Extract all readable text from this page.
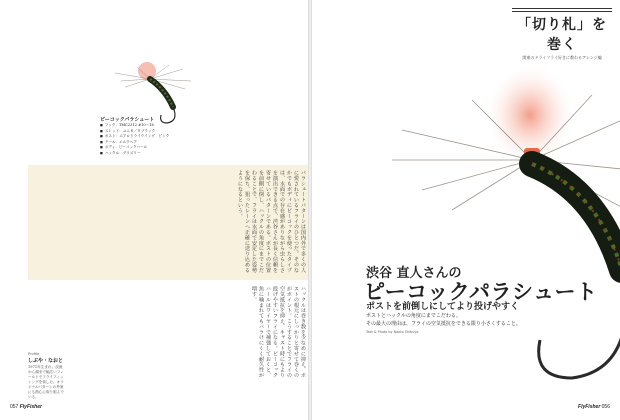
ピーコックパラシュート
■ フック：TMC2312 #10～16
■ スレッド：ユニ８／０ブラック
■ ポスト：エアロドライウイング　ピンク
■ テール：エルクヘア
■ ボディ：ピーコックハール
■ ハックル：グリズリー
パラシュートパターンは国内外で多くの人に愛されているフライのひとつだ。そのなかでもボディにピーコックを使ったタイプは、水面での存在感がありながら虫らしさを演出できる点で、渋谷さんが長く信頼を寄せているパターンである。ポストの位置を前側に倒し、ハックルの角度にまでこだわることで、フライは水面で安定した姿勢を保ち、狙ったレーンへ正確に送り込めるようになるという。
ハックルは巻き数を少なめに抑え、ポストの根元にしっかりと寄せて巻くのがポイント。こうすることでフライの空気抵抗を抑え、キャスト時にもより投げやすいフライになる。ピーコックハールはワイヤーで補強しておくと、魚に噛まれてもバラけにくく耐久性が増す。
Profile
しぶや・なおと
1971年生まれ。渓流から湖まで幅広いフィールドでフライフィッシングを楽しむ。オリジナルパターンの考案にも熱心に取り組んでいる。
057 FlyFisher
「切り札」を巻く
関東のドライフライ好きに教わるアレンジ編
渋谷 直人さんの
ピーコックパラシュート
ポストを前倒しにしてより投げやすく
ポストとハックルの角度にまでこだわる。
その最大の理由は、フライの空気抵抗をできる限り小さくすること。
Text & Photo by Naoto Shibuya
FlyFisher 056
